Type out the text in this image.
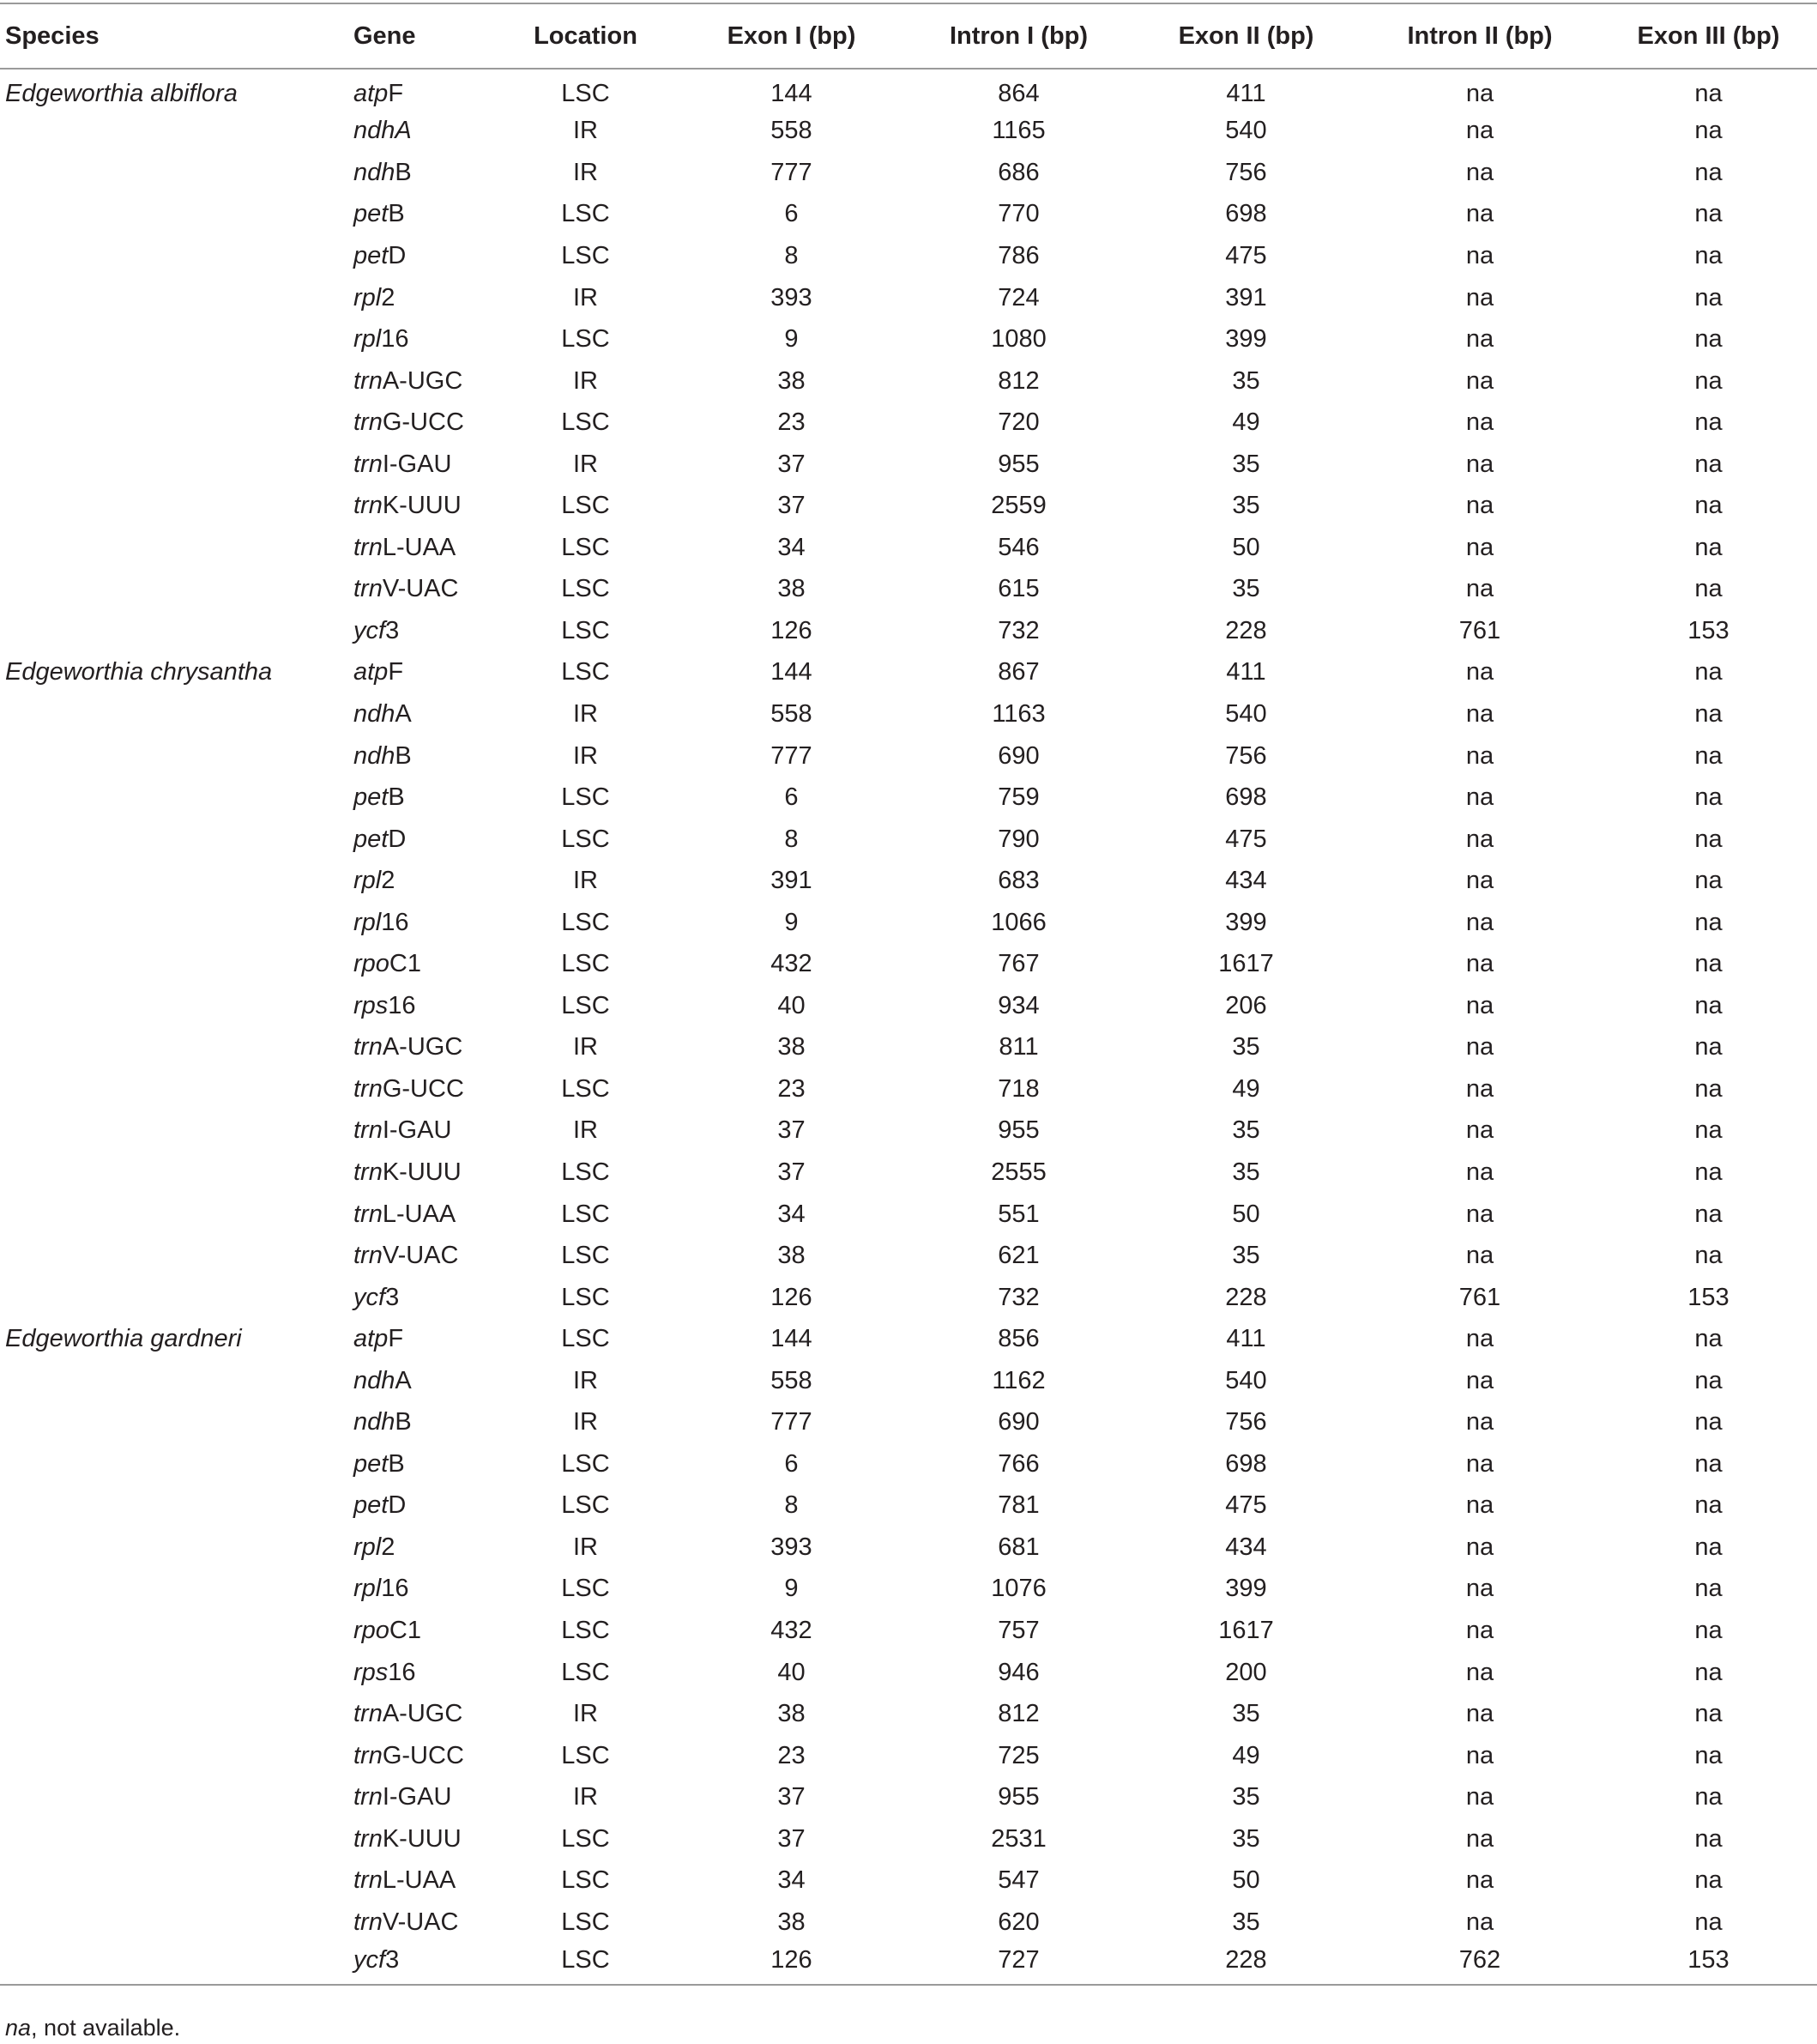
Species	Gene	Location	Exon I (bp)	Intron I (bp)	Exon II (bp)	Intron II (bp)	Exon III (bp)
Edgeworthia albiflora	atpF	LSC	144	864	411	na	na
	ndhA	IR	558	1165	540	na	na
	ndhB	IR	777	686	756	na	na
	petB	LSC	6	770	698	na	na
	petD	LSC	8	786	475	na	na
	rpl2	IR	393	724	391	na	na
	rpl16	LSC	9	1080	399	na	na
	trnA-UGC	IR	38	812	35	na	na
	trnG-UCC	LSC	23	720	49	na	na
	trnI-GAU	IR	37	955	35	na	na
	trnK-UUU	LSC	37	2559	35	na	na
	trnL-UAA	LSC	34	546	50	na	na
	trnV-UAC	LSC	38	615	35	na	na
	ycf3	LSC	126	732	228	761	153
Edgeworthia chrysantha	atpF	LSC	144	867	411	na	na
	ndhA	IR	558	1163	540	na	na
	ndhB	IR	777	690	756	na	na
	petB	LSC	6	759	698	na	na
	petD	LSC	8	790	475	na	na
	rpl2	IR	391	683	434	na	na
	rpl16	LSC	9	1066	399	na	na
	rpoC1	LSC	432	767	1617	na	na
	rps16	LSC	40	934	206	na	na
	trnA-UGC	IR	38	811	35	na	na
	trnG-UCC	LSC	23	718	49	na	na
	trnI-GAU	IR	37	955	35	na	na
	trnK-UUU	LSC	37	2555	35	na	na
	trnL-UAA	LSC	34	551	50	na	na
	trnV-UAC	LSC	38	621	35	na	na
	ycf3	LSC	126	732	228	761	153
Edgeworthia gardneri	atpF	LSC	144	856	411	na	na
	ndhA	IR	558	1162	540	na	na
	ndhB	IR	777	690	756	na	na
	petB	LSC	6	766	698	na	na
	petD	LSC	8	781	475	na	na
	rpl2	IR	393	681	434	na	na
	rpl16	LSC	9	1076	399	na	na
	rpoC1	LSC	432	757	1617	na	na
	rps16	LSC	40	946	200	na	na
	trnA-UGC	IR	38	812	35	na	na
	trnG-UCC	LSC	23	725	49	na	na
	trnI-GAU	IR	37	955	35	na	na
	trnK-UUU	LSC	37	2531	35	na	na
	trnL-UAA	LSC	34	547	50	na	na
	trnV-UAC	LSC	38	620	35	na	na
	ycf3	LSC	126	727	228	762	153
na, not available.
